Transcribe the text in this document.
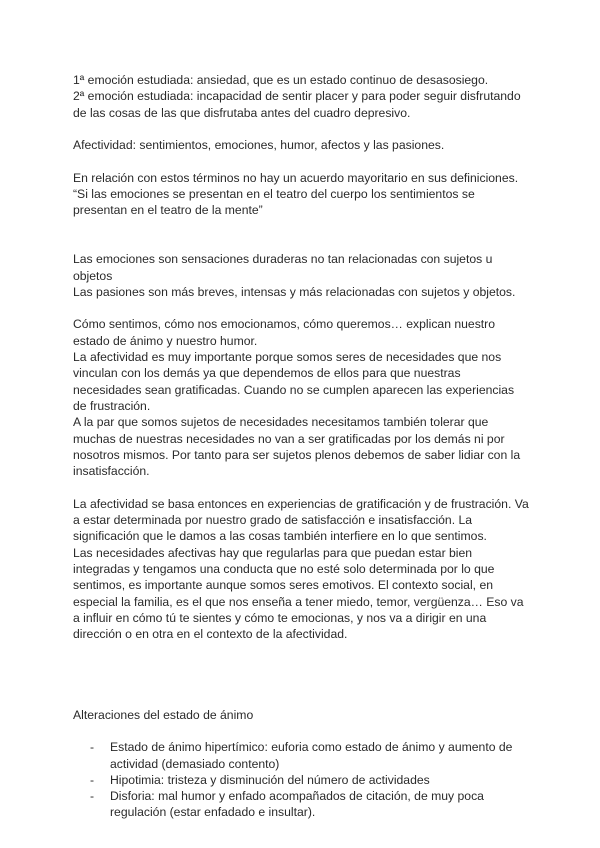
1ª emoción estudiada: ansiedad, que es un estado continuo de desasosiego.

2ª emoción estudiada: incapacidad de sentir placer y para poder seguir disfrutando de las cosas de las que disfrutaba antes del cuadro depresivo.

Afectividad: sentimientos, emociones, humor, afectos y las pasiones.

En relación con estos términos no hay un acuerdo mayoritario en sus definiciones.

“Si las emociones se presentan en el teatro del cuerpo los sentimientos se presentan en el teatro de la mente”

Las emociones son sensaciones duraderas no tan relacionadas con sujetos u objetos

Las pasiones son más breves, intensas y más relacionadas con sujetos y objetos.

Cómo sentimos, cómo nos emocionamos, cómo queremos… explican nuestro estado de ánimo y nuestro humor.

La afectividad es muy importante porque somos seres de necesidades que nos vinculan con los demás ya que dependemos de ellos para que nuestras necesidades sean gratificadas. Cuando no se cumplen aparecen las experiencias de frustración.

A la par que somos sujetos de necesidades necesitamos también tolerar que muchas de nuestras necesidades no van a ser gratificadas por los demás ni por nosotros mismos. Por tanto para ser sujetos plenos debemos de saber lidiar con la insatisfacción.

La afectividad se basa entonces en experiencias de gratificación y de frustración. Va a estar determinada por nuestro grado de satisfacción e insatisfacción. La significación que le damos a las cosas también interfiere en lo que sentimos.

Las necesidades afectivas hay que regularlas para que puedan estar bien integradas y tengamos una conducta que no esté solo determinada por lo que sentimos, es importante aunque somos seres emotivos. El contexto social, en especial la familia, es el que nos enseña a tener miedo, temor, vergüenza… Eso va a influir en cómo tú te sientes y cómo te emocionas, y nos va a dirigir en una dirección o en otra en el contexto de la afectividad.

Alteraciones del estado de ánimo

- Estado de ánimo hipertímico: euforia como estado de ánimo y aumento de actividad (demasiado contento)
- Hipotimia: tristeza y disminución del número de actividades
- Disforia: mal humor y enfado acompañados de citación, de muy poca regulación (estar enfadado e insultar).
